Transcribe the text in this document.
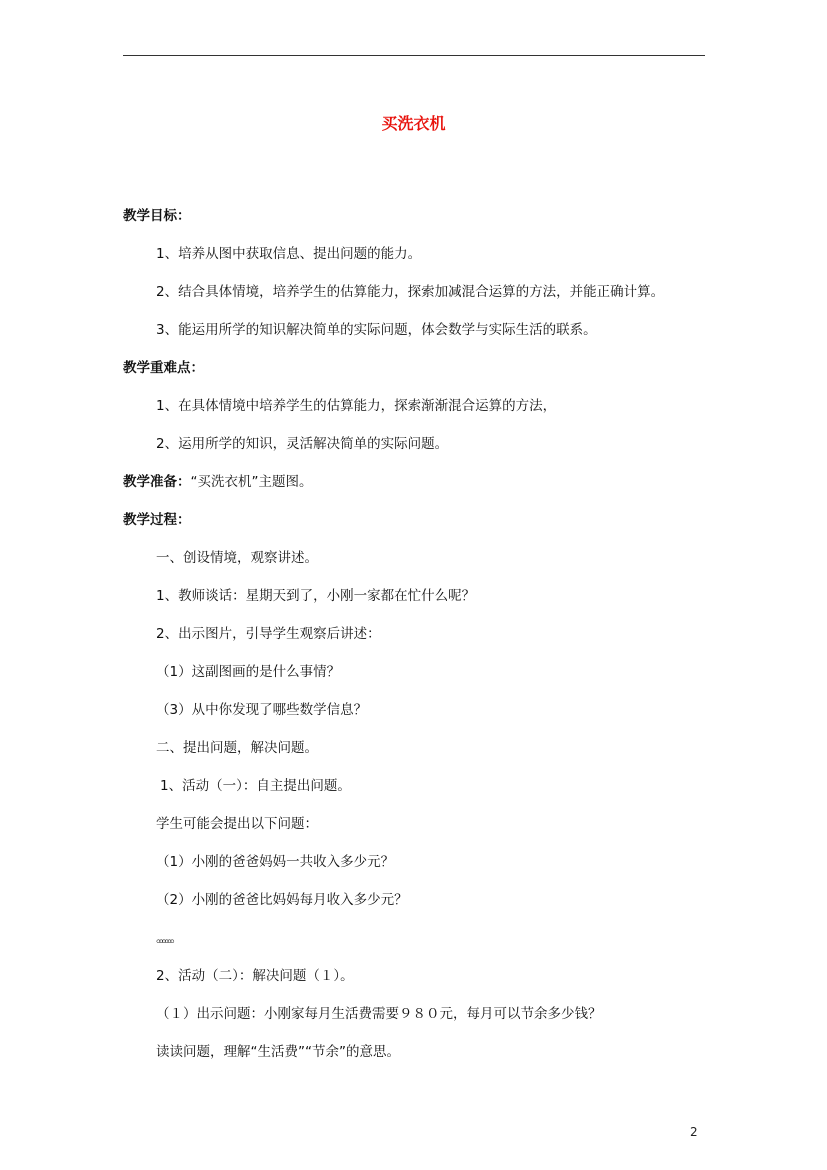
买洗衣机
教学目标：
1、培养从图中获取信息、提出问题的能力。
2、结合具体情境，培养学生的估算能力，探索加减混合运算的方法，并能正确计算。
3、能运用所学的知识解决简单的实际问题，体会数学与实际生活的联系。
教学重难点：
1、在具体情境中培养学生的估算能力，探索渐渐混合运算的方法，
2、运用所学的知识，灵活解决简单的实际问题。
教学准备：“买洗衣机”主题图。
教学过程：
一、创设情境，观察讲述。
1、教师谈话：星期天到了，小刚一家都在忙什么呢？
2、出示图片，引导学生观察后讲述：
（1）这副图画的是什么事情？
（3）从中你发现了哪些数学信息？
二、提出问题，解决问题。
1、活动（一）：自主提出问题。
学生可能会提出以下问题：
（1）小刚的爸爸妈妈一共收入多少元？
（2）小刚的爸爸比妈妈每月收入多少元？
。。。。。。
2、活动（二）：解决问题（１）。
（１）出示问题：小刚家每月生活费需要９８０元，每月可以节余多少钱？
读读问题，理解“生活费”“节余”的意思。
2
